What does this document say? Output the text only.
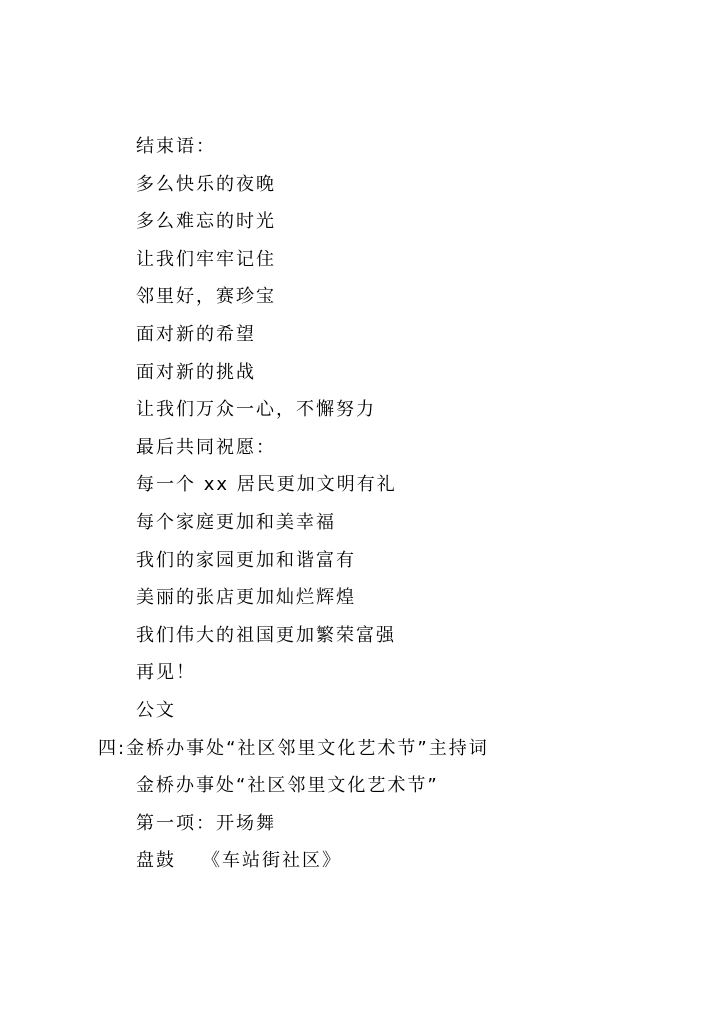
结束语：
多么快乐的夜晚
多么难忘的时光
让我们牢牢记住
邻里好，赛珍宝
面对新的希望
面对新的挑战
让我们万众一心，不懈努力
最后共同祝愿：
每一个 xx 居民更加文明有礼
每个家庭更加和美幸福
我们的家园更加和谐富有
美丽的张店更加灿烂辉煌
我们伟大的祖国更加繁荣富强
再见！
公文
四:金桥办事处“社区邻里文化艺术节”主持词
金桥办事处“社区邻里文化艺术节”
第一项：开场舞
盘鼓 《车站街社区》
